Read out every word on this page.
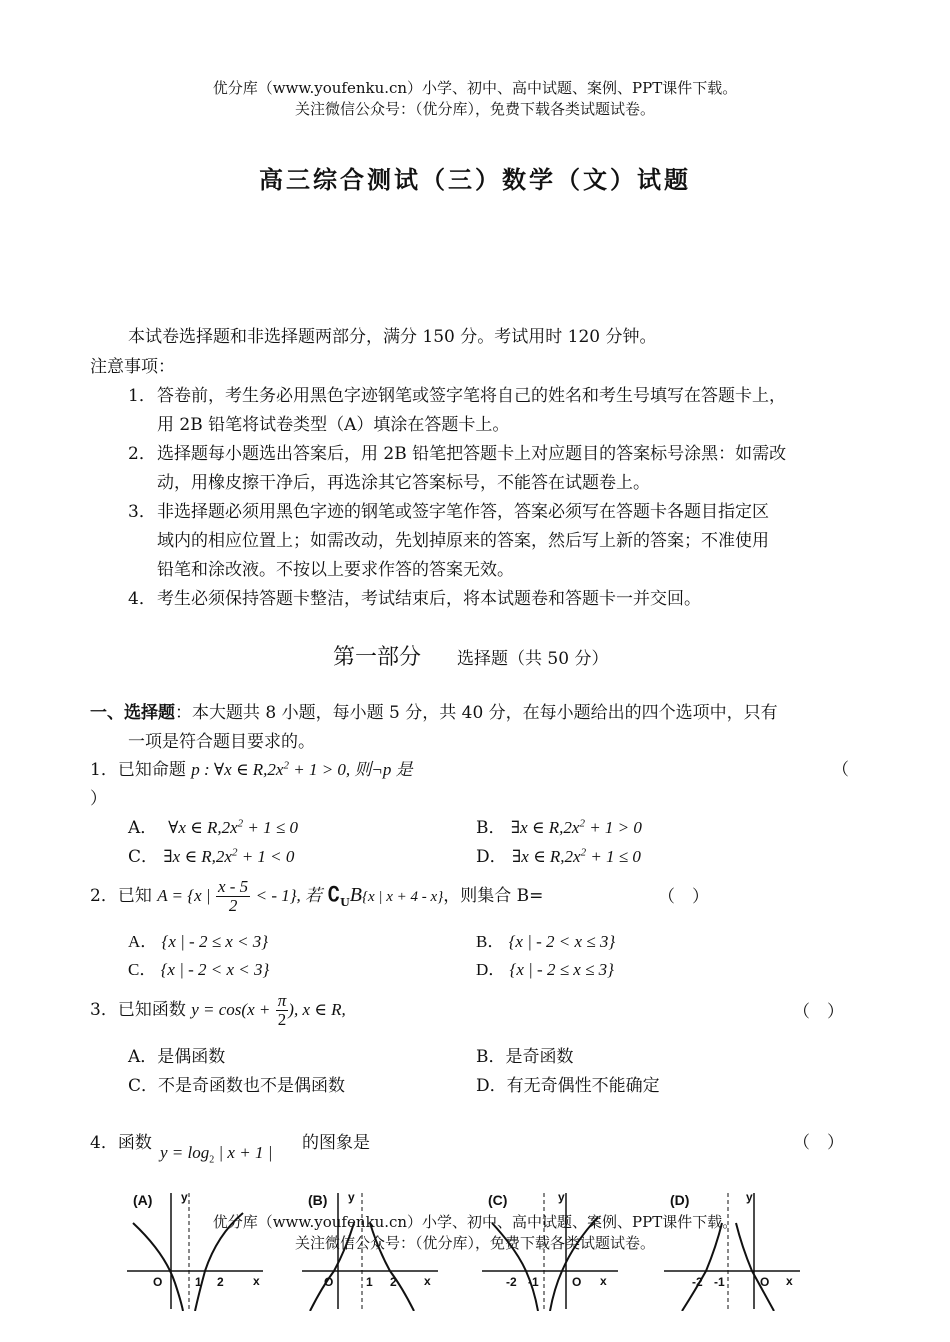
优分库（www.youfenku.cn）小学、初中、高中试题、案例、PPT课件下载。
关注微信公众号：（优分库），免费下载各类试题试卷。
高三综合测试（三）数学（文）试题
本试卷选择题和非选择题两部分，满分 150 分。考试用时 120 分钟。
注意事项：
1． 答卷前，考生务必用黑色字迹钢笔或签字笔将自己的姓名和考生号填写在答题卡上，
用 2B 铅笔将试卷类型（A）填涂在答题卡上。
2． 选择题每小题选出答案后，用 2B 铅笔把答题卡上对应题目的答案标号涂黑：如需改
动，用橡皮擦干净后，再选涂其它答案标号，不能答在试题卷上。
3． 非选择题必须用黑色字迹的钢笔或签字笔作答，答案必须写在答题卡各题目指定区
域内的相应位置上；如需改动，先划掉原来的答案，然后写上新的答案；不准使用
铅笔和涂改液。不按以上要求作答的答案无效。
4． 考生必须保持答题卡整洁，考试结束后，将本试题卷和答题卡一并交回。
第一部分 选择题（共 50 分）
一、选择题：本大题共 8 小题，每小题 5 分，共 40 分，在每小题给出的四个选项中，只有
一项是符合题目要求的。
1．已知命题 p : ∀x ∈ $R,2x^2 + 1 > 0$, 则¬p 是	（
）
A． ∀x ∈ $R,2x^2 + 1 \le 0$	B． ∃x ∈ $R,2x^2 + 1 > 0$
C． ∃x ∈ $R,2x^2 + 1 < 0$	D． ∃x ∈ $R,2x^2 + 1 \le 0$
2．已知 A = {x | $\frac{x - 5}{2}$ < - 1}, 若 $∁_UB\{x$ | x + 4 - x}，则集合 B=	（　）
A． {x | - 2 ≤ x < 3}	B． {x | - 2 < x ≤ 3}
C． {x | - 2 < x < 3}	D． {x | - 2 ≤ x ≤ 3}
3．已知函数 $y = \cos(x + \frac{\pi}{2}$ ), x ∈ R,	（　）
A．是偶函数	B．是奇函数
C．不是奇函数也不是偶函数	D．有无奇偶性不能确定
4．函数 $y = \log_2$ | x + 1 | 的图象是	（　）
(A) y
x
O	1 2
(B) y
x
O	1 2
(C)	y
x
-2 -1	O
(D)	y
x
-2 -1	O
优分库（www.youfenku.cn）小学、初中、高中试题、案例、PPT课件下载。
关注微信公众号：（优分库），免费下载各类试题试卷。
